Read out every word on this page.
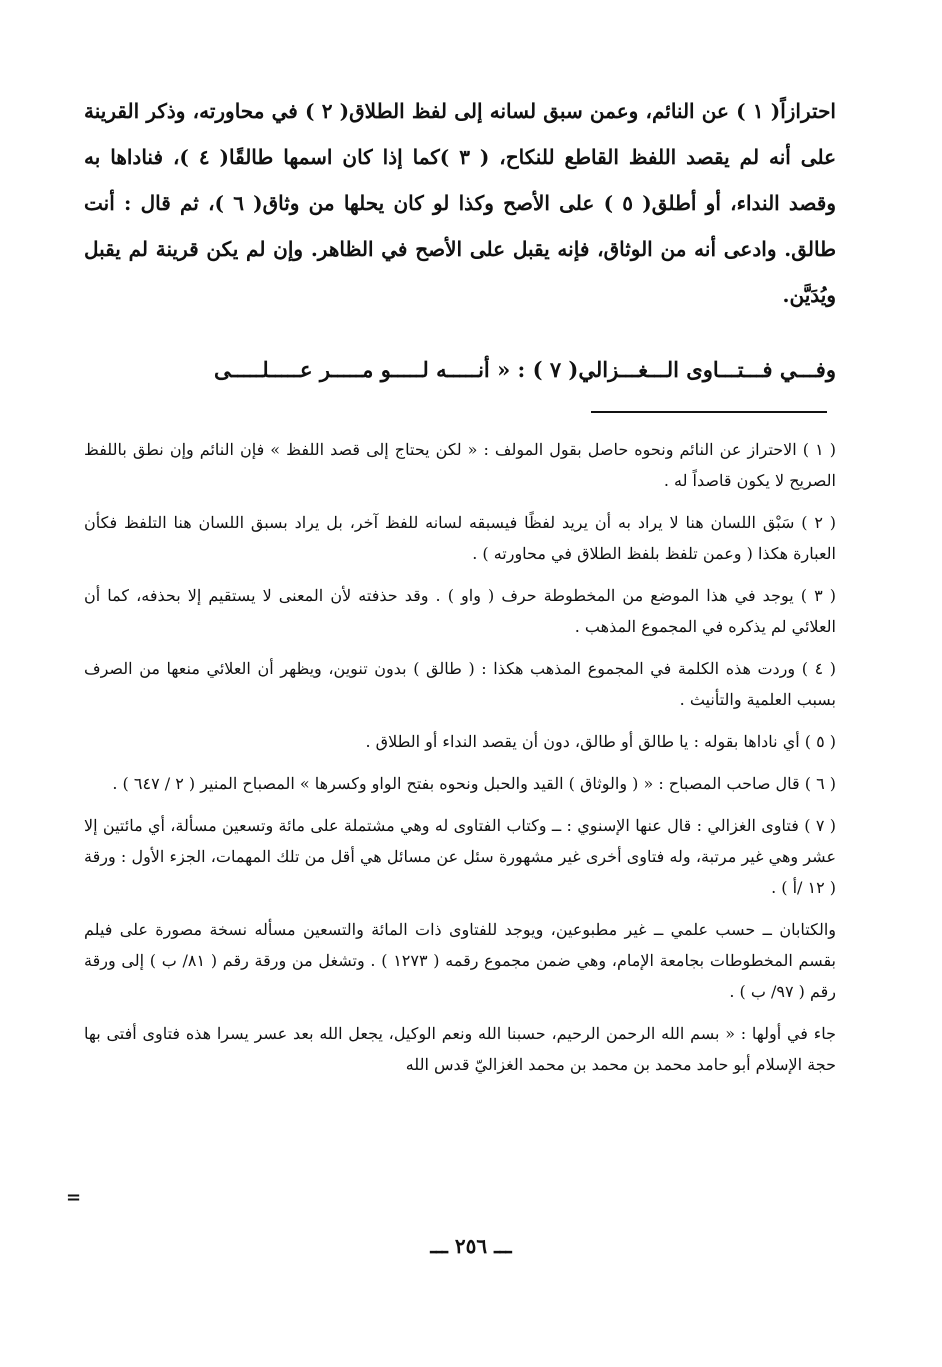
احترازاً( ١ ) عن النائم، وعمن سبق لسانه إلى لفظ الطلاق( ٢ ) في محاورته، وذكر القرينة على أنه لم يقصد اللفظ القاطع للنكاح، ( ٣ )كما إذا كان اسمها طالقًا( ٤ )، فناداها به وقصد النداء، أو أطلق( ٥ ) على الأصح وكذا لو كان يحلها من وثاق( ٦ )، ثم قال : أنت طالق. وادعى أنه من الوثاق، فإنه يقبل على الأصح في الظاهر. وإن لم يكن قرينة لم يقبل ويُدَيَّن.

وفـــي فـــتـــاوى الـــغـــزالي( ٧ ) : « أنـــــه لـــــو مـــــر عـــــلـــــى

( ١ ) الاحتراز عن النائم ونحوه حاصل بقول المولف : « لكن يحتاج إلى قصد اللفظ » فإن النائم وإن نطق باللفظ الصريح لا يكون قاصداً له .

( ٢ ) سَبْق اللسان هنا لا يراد به أن يريد لفظًا فيسبقه لسانه للفظ آخر، بل يراد بسبق اللسان هنا التلفظ فكأن العبارة هكذا ( وعمن تلفظ بلفظ الطلاق في محاورته ) .

( ٣ ) يوجد في هذا الموضع من المخطوطة حرف ( واو ) . وقد حذفته لأن المعنى لا يستقيم إلا بحذفه، كما أن العلائي لم يذكره في المجموع المذهب .

( ٤ ) وردت هذه الكلمة في المجموع المذهب هكذا : ( طالق ) بدون تنوين، ويظهر أن العلائي منعها من الصرف بسبب العلمية والتأنيث .

( ٥ ) أي ناداها بقوله : يا طالق أو طالق، دون أن يقصد النداء أو الطلاق .

( ٦ ) قال صاحب المصباح : « ( والوثاق ) القيد والحبل ونحوه بفتح الواو وكسرها » المصباح المنير ( ٢ / ٦٤٧ ) .

( ٧ ) فتاوى الغزالي : قال عنها الإسنوي : ــ وكتاب الفتاوى له وهي مشتملة على مائة وتسعين مسألة، أي مائتين إلا عشر وهي غير مرتبة، وله فتاوى أخرى غير مشهورة سئل عن مسائل هي أقل من تلك المهمات، الجزء الأول : ورقة ( ١٢ /أ ) .

والكتابان ــ حسب علمي ــ غير مطبوعين، ويوجد للفتاوى ذات المائة والتسعين مسأله نسخة مصورة على فيلم بقسم المخطوطات بجامعة الإمام، وهي ضمن مجموع رقمه ( ١٢٧٣ ) . وتشغل من ورقة رقم ( ٨١/ ب ) إلى ورقة رقم ( ٩٧/ ب ) .

جاء في أولها : « بسم الله الرحمن الرحيم، حسبنا الله ونعم الوكيل، يجعل الله بعد عسر يسرا هذه فتاوى أفتى بها حجة الإسلام أبو حامد محمد بن محمد بن محمد الغزاليّ قدس الله

=
ـــ ٢٥٦ ـــ
